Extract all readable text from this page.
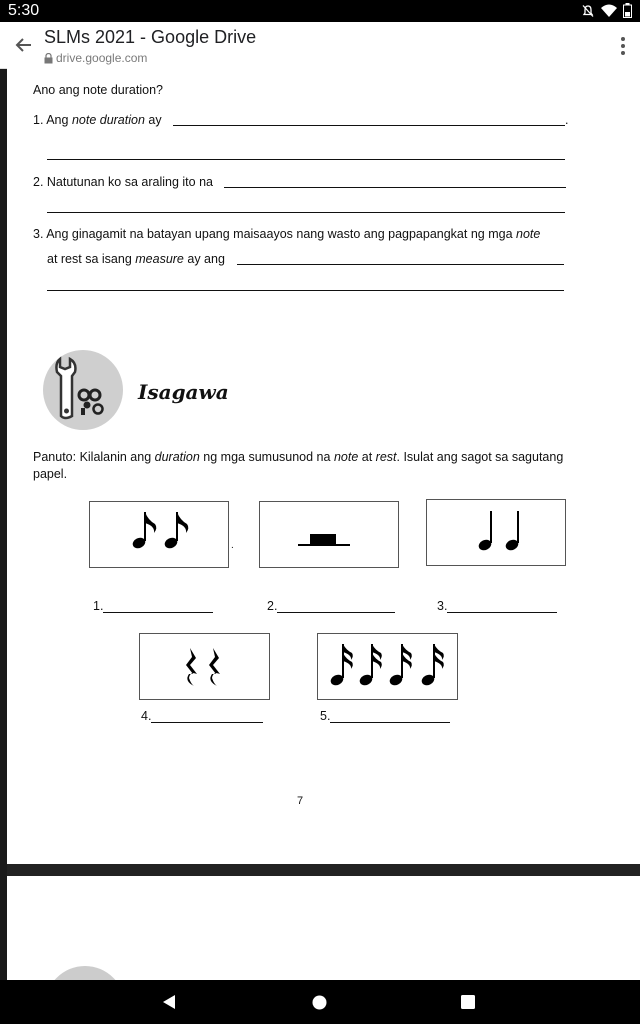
5:30
SLMs 2021 - Google Drive
drive.google.com
Ano ang note duration?
1. Ang note duration ay	.
2. Natutunan ko sa araling ito na
3. Ang ginagamit na batayan upang maisaayos nang wasto ang pagpapangkat ng mga note
at rest sa isang measure ay ang
Isagawa
Panuto: Kilalanin ang duration ng mga sumusunod na note at rest. Isulat ang sagot sa sagutang
papel.
.
1.	2.	3.
4.	5.
7
